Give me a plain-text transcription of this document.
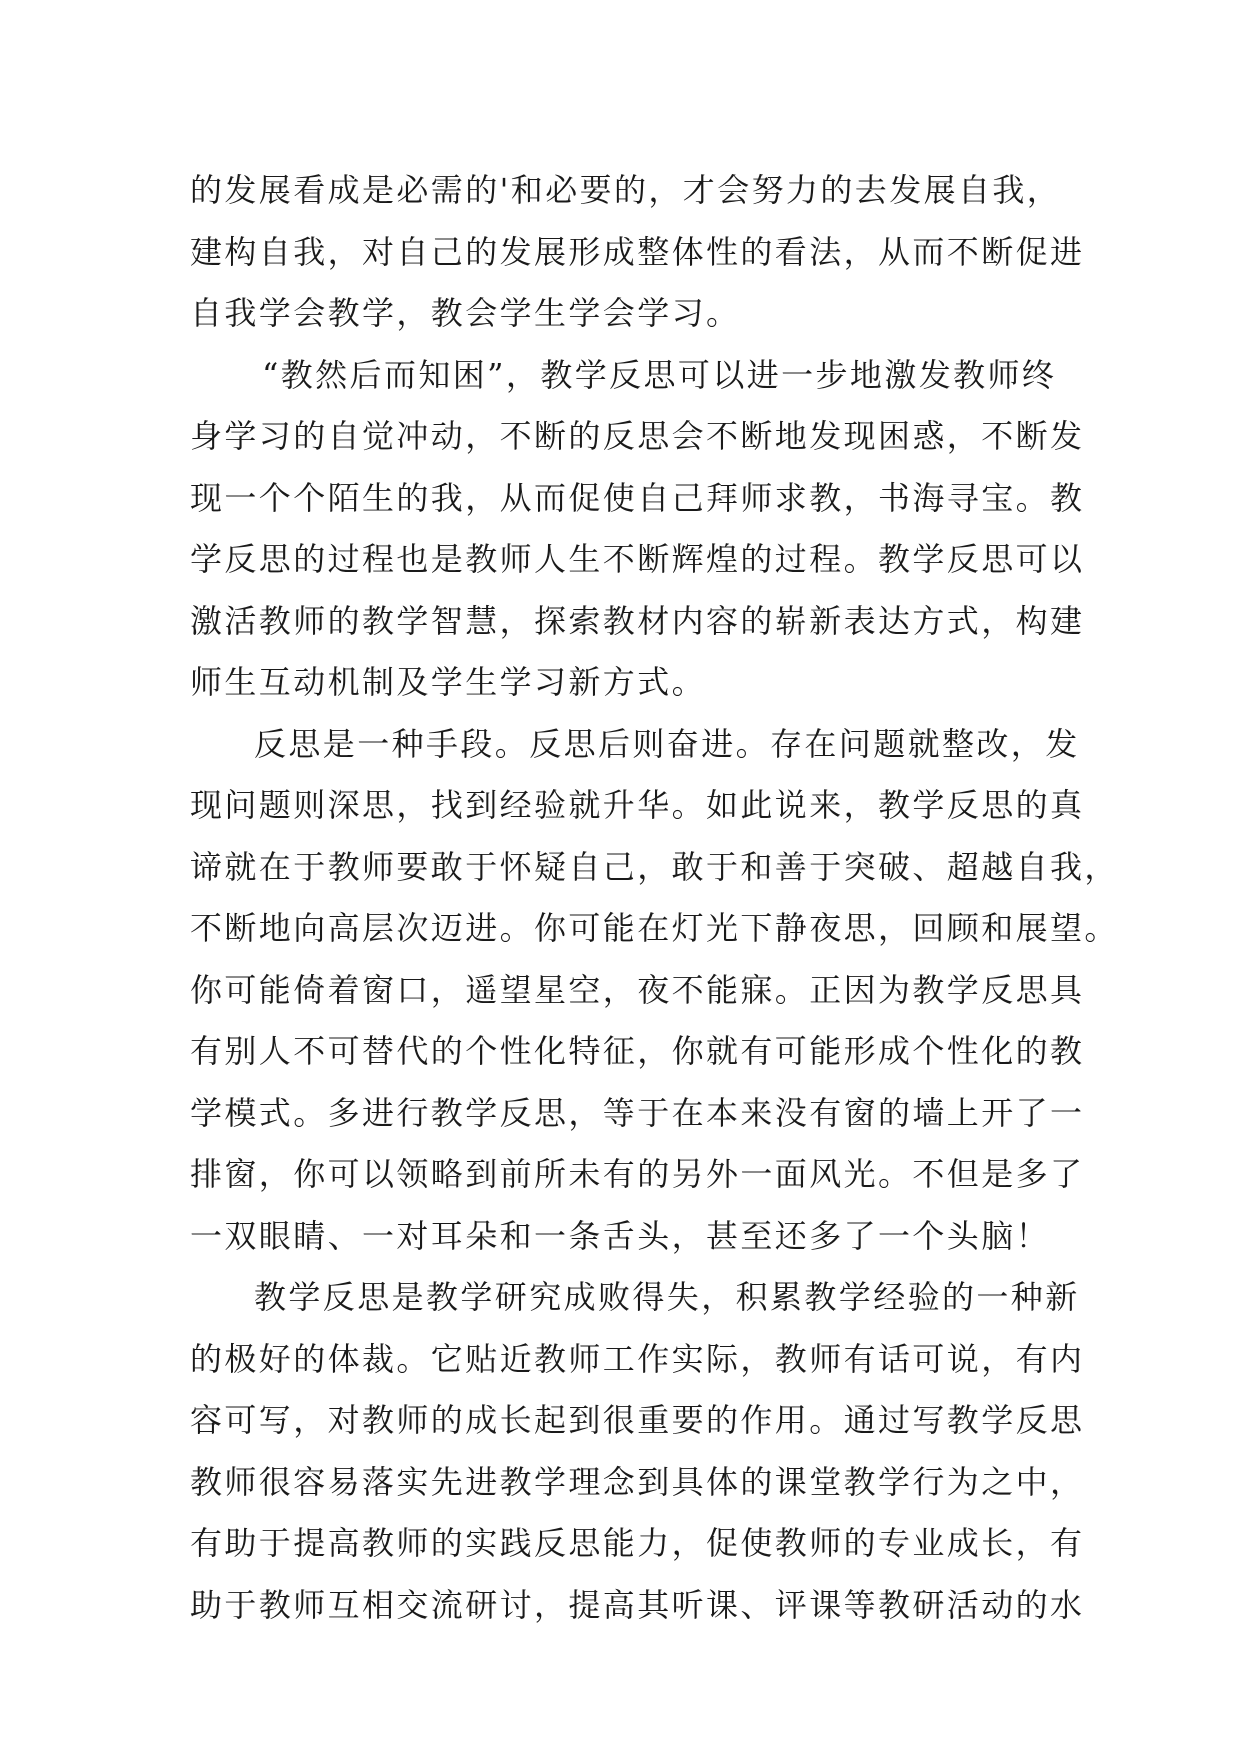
的发展看成是必需的'和必要的，才会努力的去发展自我，
建构自我，对自己的发展形成整体性的看法，从而不断促进
自我学会教学，教会学生学会学习。
“教然后而知困”，教学反思可以进一步地激发教师终
身学习的自觉冲动，不断的反思会不断地发现困惑，不断发
现一个个陌生的我，从而促使自己拜师求教，书海寻宝。教
学反思的过程也是教师人生不断辉煌的过程。教学反思可以
激活教师的教学智慧，探索教材内容的崭新表达方式，构建
师生互动机制及学生学习新方式。
反思是一种手段。反思后则奋进。存在问题就整改，发
现问题则深思，找到经验就升华。如此说来，教学反思的真
谛就在于教师要敢于怀疑自己，敢于和善于突破、超越自我，
不断地向高层次迈进。你可能在灯光下静夜思，回顾和展望。
你可能倚着窗口，遥望星空，夜不能寐。正因为教学反思具
有别人不可替代的个性化特征，你就有可能形成个性化的教
学模式。多进行教学反思，等于在本来没有窗的墙上开了一
排窗，你可以领略到前所未有的另外一面风光。不但是多了
一双眼睛、一对耳朵和一条舌头，甚至还多了一个头脑！
教学反思是教学研究成败得失，积累教学经验的一种新
的极好的体裁。它贴近教师工作实际，教师有话可说，有内
容可写，对教师的成长起到很重要的作用。通过写教学反思
教师很容易落实先进教学理念到具体的课堂教学行为之中，
有助于提高教师的实践反思能力，促使教师的专业成长，有
助于教师互相交流研讨，提高其听课、评课等教研活动的水
